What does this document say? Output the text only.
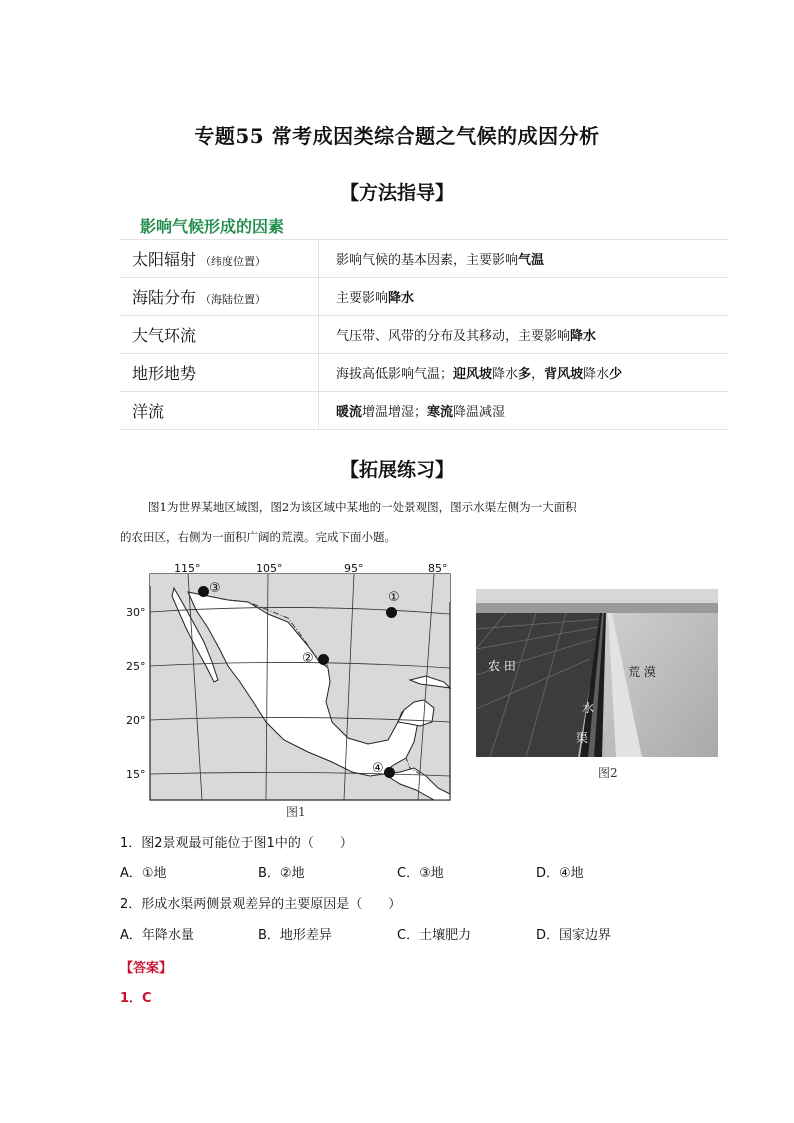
专题55 常考成因类综合题之气候的成因分析
【方法指导】
影响气候形成的因素
太阳辐射 （纬度位置）	影响气候的基本因素，主要影响气温
海陆分布 （海陆位置）	主要影响降水
大气环流	气压带、风带的分布及其移动，主要影响降水
地形地势	海拔高低影响气温；迎风坡降水多，背风坡降水少
洋流	暖流增温增湿；寒流降温减湿
【拓展练习】
图1为世界某地区域图，图2为该区域中某地的一处景观图，图示水渠左侧为一大面积
的农田区，右侧为一面积广阔的荒漠。完成下面小题。
115°	105°	95°	85°
30°
25°
20°
15°
③
①
②
④
图1
农 田	荒 漠
水
渠
图2
1．图2景观最可能位于图1中的（　　）
A．①地	B．②地	C．③地	D．④地
2．形成水渠两侧景观差异的主要原因是（　　）
A．年降水量	B．地形差异	C．土壤肥力	D．国家边界
【答案】
1．C
